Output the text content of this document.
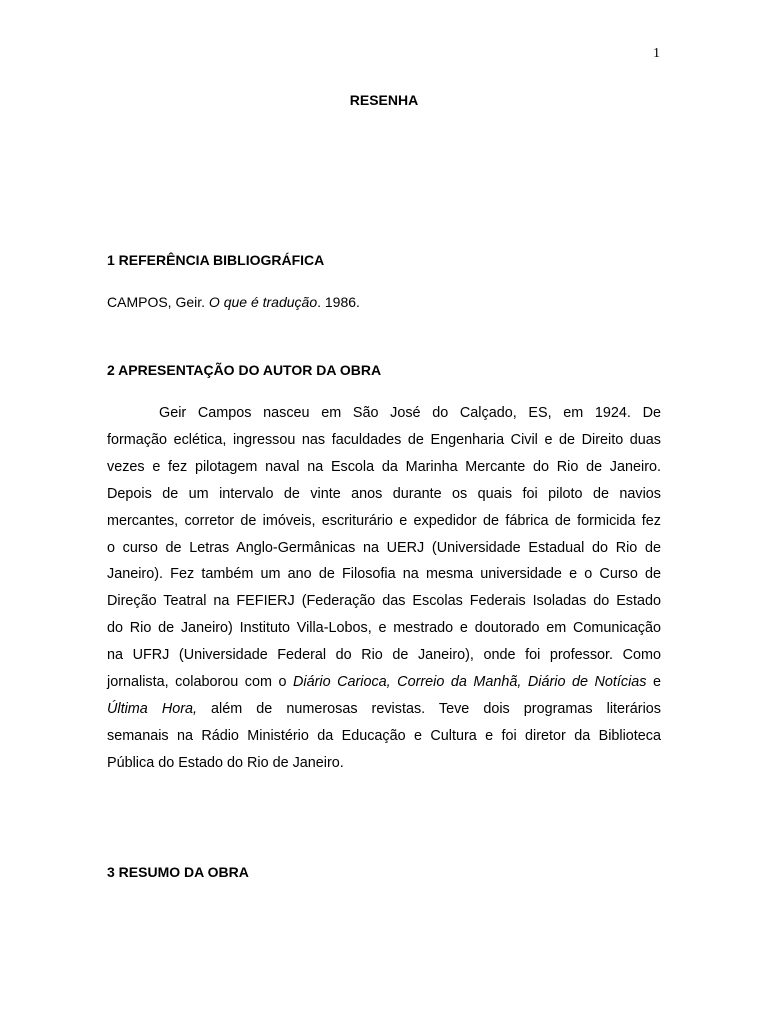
1
RESENHA
1 REFERÊNCIA BIBLIOGRÁFICA
CAMPOS, Geir. O que é tradução. 1986.
2 APRESENTAÇÃO DO AUTOR DA OBRA
Geir Campos nasceu em São José do Calçado, ES, em 1924. De
formação eclética, ingressou nas faculdades de Engenharia Civil e de Direito duas
vezes e fez pilotagem naval na Escola da Marinha Mercante do Rio de Janeiro.
Depois de um intervalo de vinte anos durante os quais foi piloto de navios
mercantes, corretor de imóveis, escriturário e expedidor de fábrica de formicida fez
o curso de Letras Anglo-Germânicas na UERJ (Universidade Estadual do Rio de
Janeiro). Fez também um ano de Filosofia na mesma universidade e o Curso de
Direção Teatral na FEFIERJ (Federação das Escolas Federais Isoladas do Estado
do Rio de Janeiro) Instituto Villa-Lobos, e mestrado e doutorado em Comunicação
na UFRJ (Universidade Federal do Rio de Janeiro), onde foi professor. Como
jornalista, colaborou com o Diário Carioca, Correio da Manhã, Diário de Notícias e
Última Hora, além de numerosas revistas. Teve dois programas literários
semanais na Rádio Ministério da Educação e Cultura e foi diretor da Biblioteca
Pública do Estado do Rio de Janeiro.
3 RESUMO DA OBRA
